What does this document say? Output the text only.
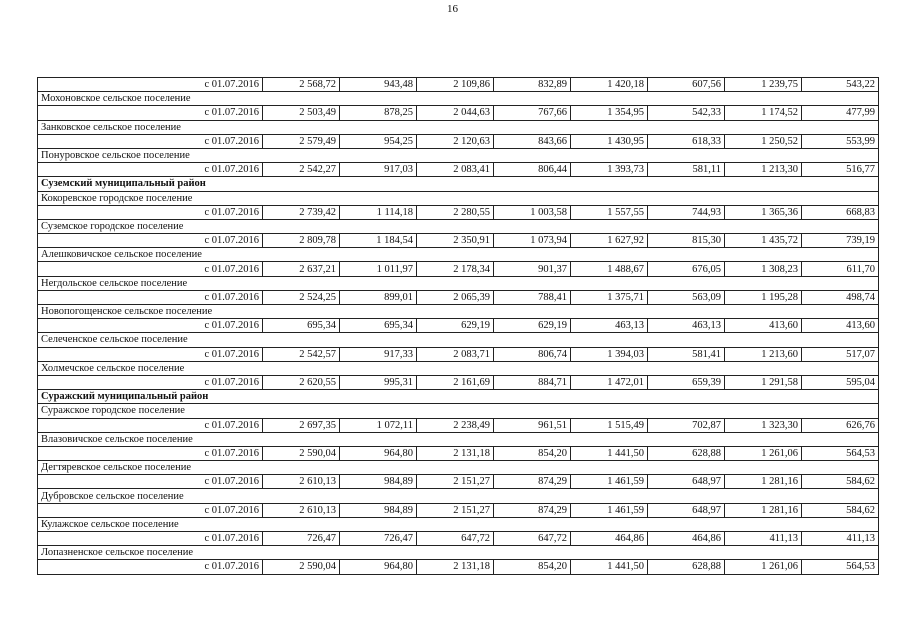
16
с 01.07.2016	2 568,72	943,48	2 109,86	832,89	1 420,18	607,56	1 239,75	543,22
Мохоновское сельское поселение								
с 01.07.2016	2 503,49	878,25	2 044,63	767,66	1 354,95	542,33	1 174,52	477,99
Занковское сельское поселение								
с 01.07.2016	2 579,49	954,25	2 120,63	843,66	1 430,95	618,33	1 250,52	553,99
Понуровское сельское поселение								
с 01.07.2016	2 542,27	917,03	2 083,41	806,44	1 393,73	581,11	1 213,30	516,77
Суземский муниципальный район								
Кокоревское городское поселение								
с 01.07.2016	2 739,42	1 114,18	2 280,55	1 003,58	1 557,55	744,93	1 365,36	668,83
Суземское городское поселение								
с 01.07.2016	2 809,78	1 184,54	2 350,91	1 073,94	1 627,92	815,30	1 435,72	739,19
Алешковичское сельское поселение								
с 01.07.2016	2 637,21	1 011,97	2 178,34	901,37	1 488,67	676,05	1 308,23	611,70
Негдольское сельское поселение								
с 01.07.2016	2 524,25	899,01	2 065,39	788,41	1 375,71	563,09	1 195,28	498,74
Новопогощенское сельское поселение								
с 01.07.2016	695,34	695,34	629,19	629,19	463,13	463,13	413,60	413,60
Селеченское сельское поселение								
с 01.07.2016	2 542,57	917,33	2 083,71	806,74	1 394,03	581,41	1 213,60	517,07
Холмечское сельское поселение								
с 01.07.2016	2 620,55	995,31	2 161,69	884,71	1 472,01	659,39	1 291,58	595,04
Суражский муниципальный район								
Суражское городское поселение								
с 01.07.2016	2 697,35	1 072,11	2 238,49	961,51	1 515,49	702,87	1 323,30	626,76
Влазовичское сельское поселение								
с 01.07.2016	2 590,04	964,80	2 131,18	854,20	1 441,50	628,88	1 261,06	564,53
Дегтяревское сельское поселение								
с 01.07.2016	2 610,13	984,89	2 151,27	874,29	1 461,59	648,97	1 281,16	584,62
Дубровское сельское поселение								
с 01.07.2016	2 610,13	984,89	2 151,27	874,29	1 461,59	648,97	1 281,16	584,62
Кулажское сельское поселение								
с 01.07.2016	726,47	726,47	647,72	647,72	464,86	464,86	411,13	411,13
Лопазненское сельское поселение								
с 01.07.2016	2 590,04	964,80	2 131,18	854,20	1 441,50	628,88	1 261,06	564,53
